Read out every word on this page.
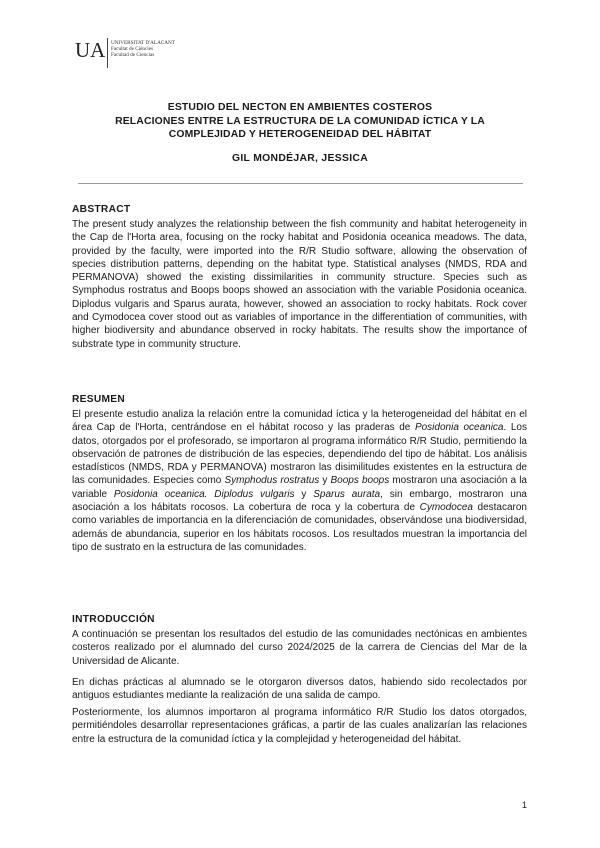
UA UNIVERSITAT D'ALACANT
Facultat de Ciències
Facultad de Ciencias
ESTUDIO DEL NECTON EN AMBIENTES COSTEROS
RELACIONES ENTRE LA ESTRUCTURA DE LA COMUNIDAD ÍCTICA Y LA
COMPLEJIDAD Y HETEROGENEIDAD DEL HÁBITAT
GIL MONDÉJAR, JESSICA
ABSTRACT
The present study analyzes the relationship between the fish community and habitat heterogeneity in the Cap de l'Horta area, focusing on the rocky habitat and Posidonia oceanica meadows. The data, provided by the faculty, were imported into the R/R Studio software, allowing the observation of species distribution patterns, depending on the habitat type. Statistical analyses (NMDS, RDA and PERMANOVA) showed the existing dissimilarities in community structure. Species such as Symphodus rostratus and Boops boops showed an association with the variable Posidonia oceanica. Diplodus vulgaris and Sparus aurata, however, showed an association to rocky habitats. Rock cover and Cymodocea cover stood out as variables of importance in the differentiation of communities, with higher biodiversity and abundance observed in rocky habitats. The results show the importance of substrate type in community structure.
RESUMEN
El presente estudio analiza la relación entre la comunidad íctica y la heterogeneidad del hábitat en el área Cap de l'Horta, centrándose en el hábitat rocoso y las praderas de Posidonia oceanica. Los datos, otorgados por el profesorado, se importaron al programa informático R/R Studio, permitiendo la observación de patrones de distribución de las especies, dependiendo del tipo de hábitat. Los análisis estadísticos (NMDS, RDA y PERMANOVA) mostraron las disimilitudes existentes en la estructura de las comunidades. Especies como Symphodus rostratus y Boops boops mostraron una asociación a la variable Posidonia oceanica. Diplodus vulgaris y Sparus aurata, sin embargo, mostraron una asociación a los hábitats rocosos. La cobertura de roca y la cobertura de Cymodocea destacaron como variables de importancia en la diferenciación de comunidades, observándose una biodiversidad, además de abundancia, superior en los hábitats rocosos. Los resultados muestran la importancia del tipo de sustrato en la estructura de las comunidades.
INTRODUCCIÓN
A continuación se presentan los resultados del estudio de las comunidades nectónicas en ambientes costeros realizado por el alumnado del curso 2024/2025 de la carrera de Ciencias del Mar de la Universidad de Alicante.
En dichas prácticas al alumnado se le otorgaron diversos datos, habiendo sido recolectados por antiguos estudiantes mediante la realización de una salida de campo.
Posteriormente, los alumnos importaron al programa informático R/R Studio los datos otorgados, permitiéndoles desarrollar representaciones gráficas, a partir de las cuales analizarían las relaciones entre la estructura de la comunidad íctica y la complejidad y heterogeneidad del hábitat.
1
